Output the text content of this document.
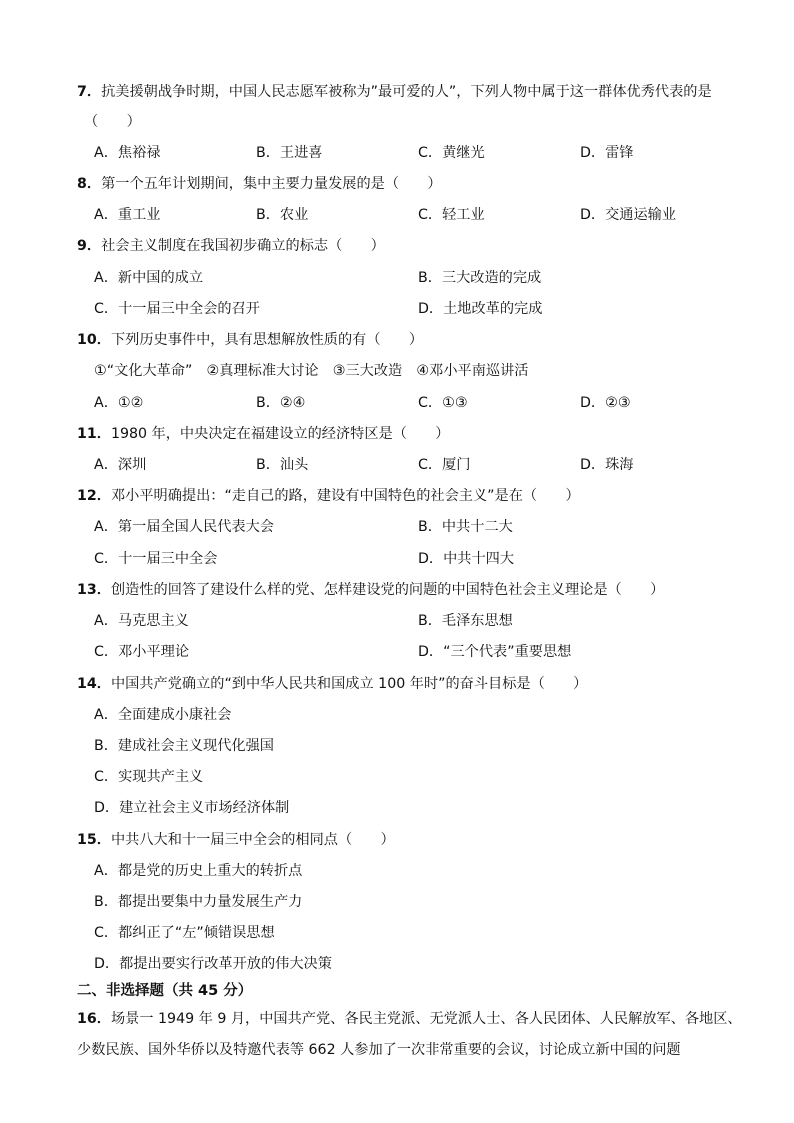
7．抗美援朝战争时期，中国人民志愿军被称为”最可爱的人”，下列人物中属于这一群体优秀代表的是
（　　）
A．焦裕禄	B．王进喜	C．黄继光	D．雷锋
8．第一个五年计划期间，集中主要力量发展的是（　　）
A．重工业	B．农业	C．轻工业	D．交通运输业
9．社会主义制度在我国初步确立的标志（　　）
A．新中国的成立	B．三大改造的完成
C．十一届三中全会的召开	D．土地改革的完成
10．下列历史事件中，具有思想解放性质的有（　　）
①“文化大革命”　②真理标准大讨论　③三大改造　④邓小平南巡讲活
A．①②	B．②④	C．①③	D．②③
11．1980 年，中央决定在福建设立的经济特区是（　　）
A．深圳	B．汕头	C．厦门	D．珠海
12．邓小平明确提出：“走自己的路，建设有中国特色的社会主义”是在（　　）
A．第一届全国人民代表大会	B．中共十二大
C．十一届三中全会	D．中共十四大
13．创造性的回答了建设什么样的党、怎样建设党的问题的中国特色社会主义理论是（　　）
A．马克思主义	B．毛泽东思想
C．邓小平理论	D．“三个代表”重要思想
14．中国共产党确立的“到中华人民共和国成立 100 年时”的奋斗目标是（　　）
A．全面建成小康社会
B．建成社会主义现代化强国
C．实现共产主义
D．建立社会主义市场经济体制
15．中共八大和十一届三中全会的相同点（　　）
A．都是党的历史上重大的转折点
B．都提出要集中力量发展生产力
C．都纠正了“左”倾错误思想
D．都提出要实行改革开放的伟大决策
二、非选择题（共 45 分）
16．场景一 1949 年 9 月，中国共产党、各民主党派、无党派人士、各人民团体、人民解放军、各地区、
少数民族、国外华侨以及特邀代表等 662 人参加了一次非常重要的会议，讨论成立新中国的问题
